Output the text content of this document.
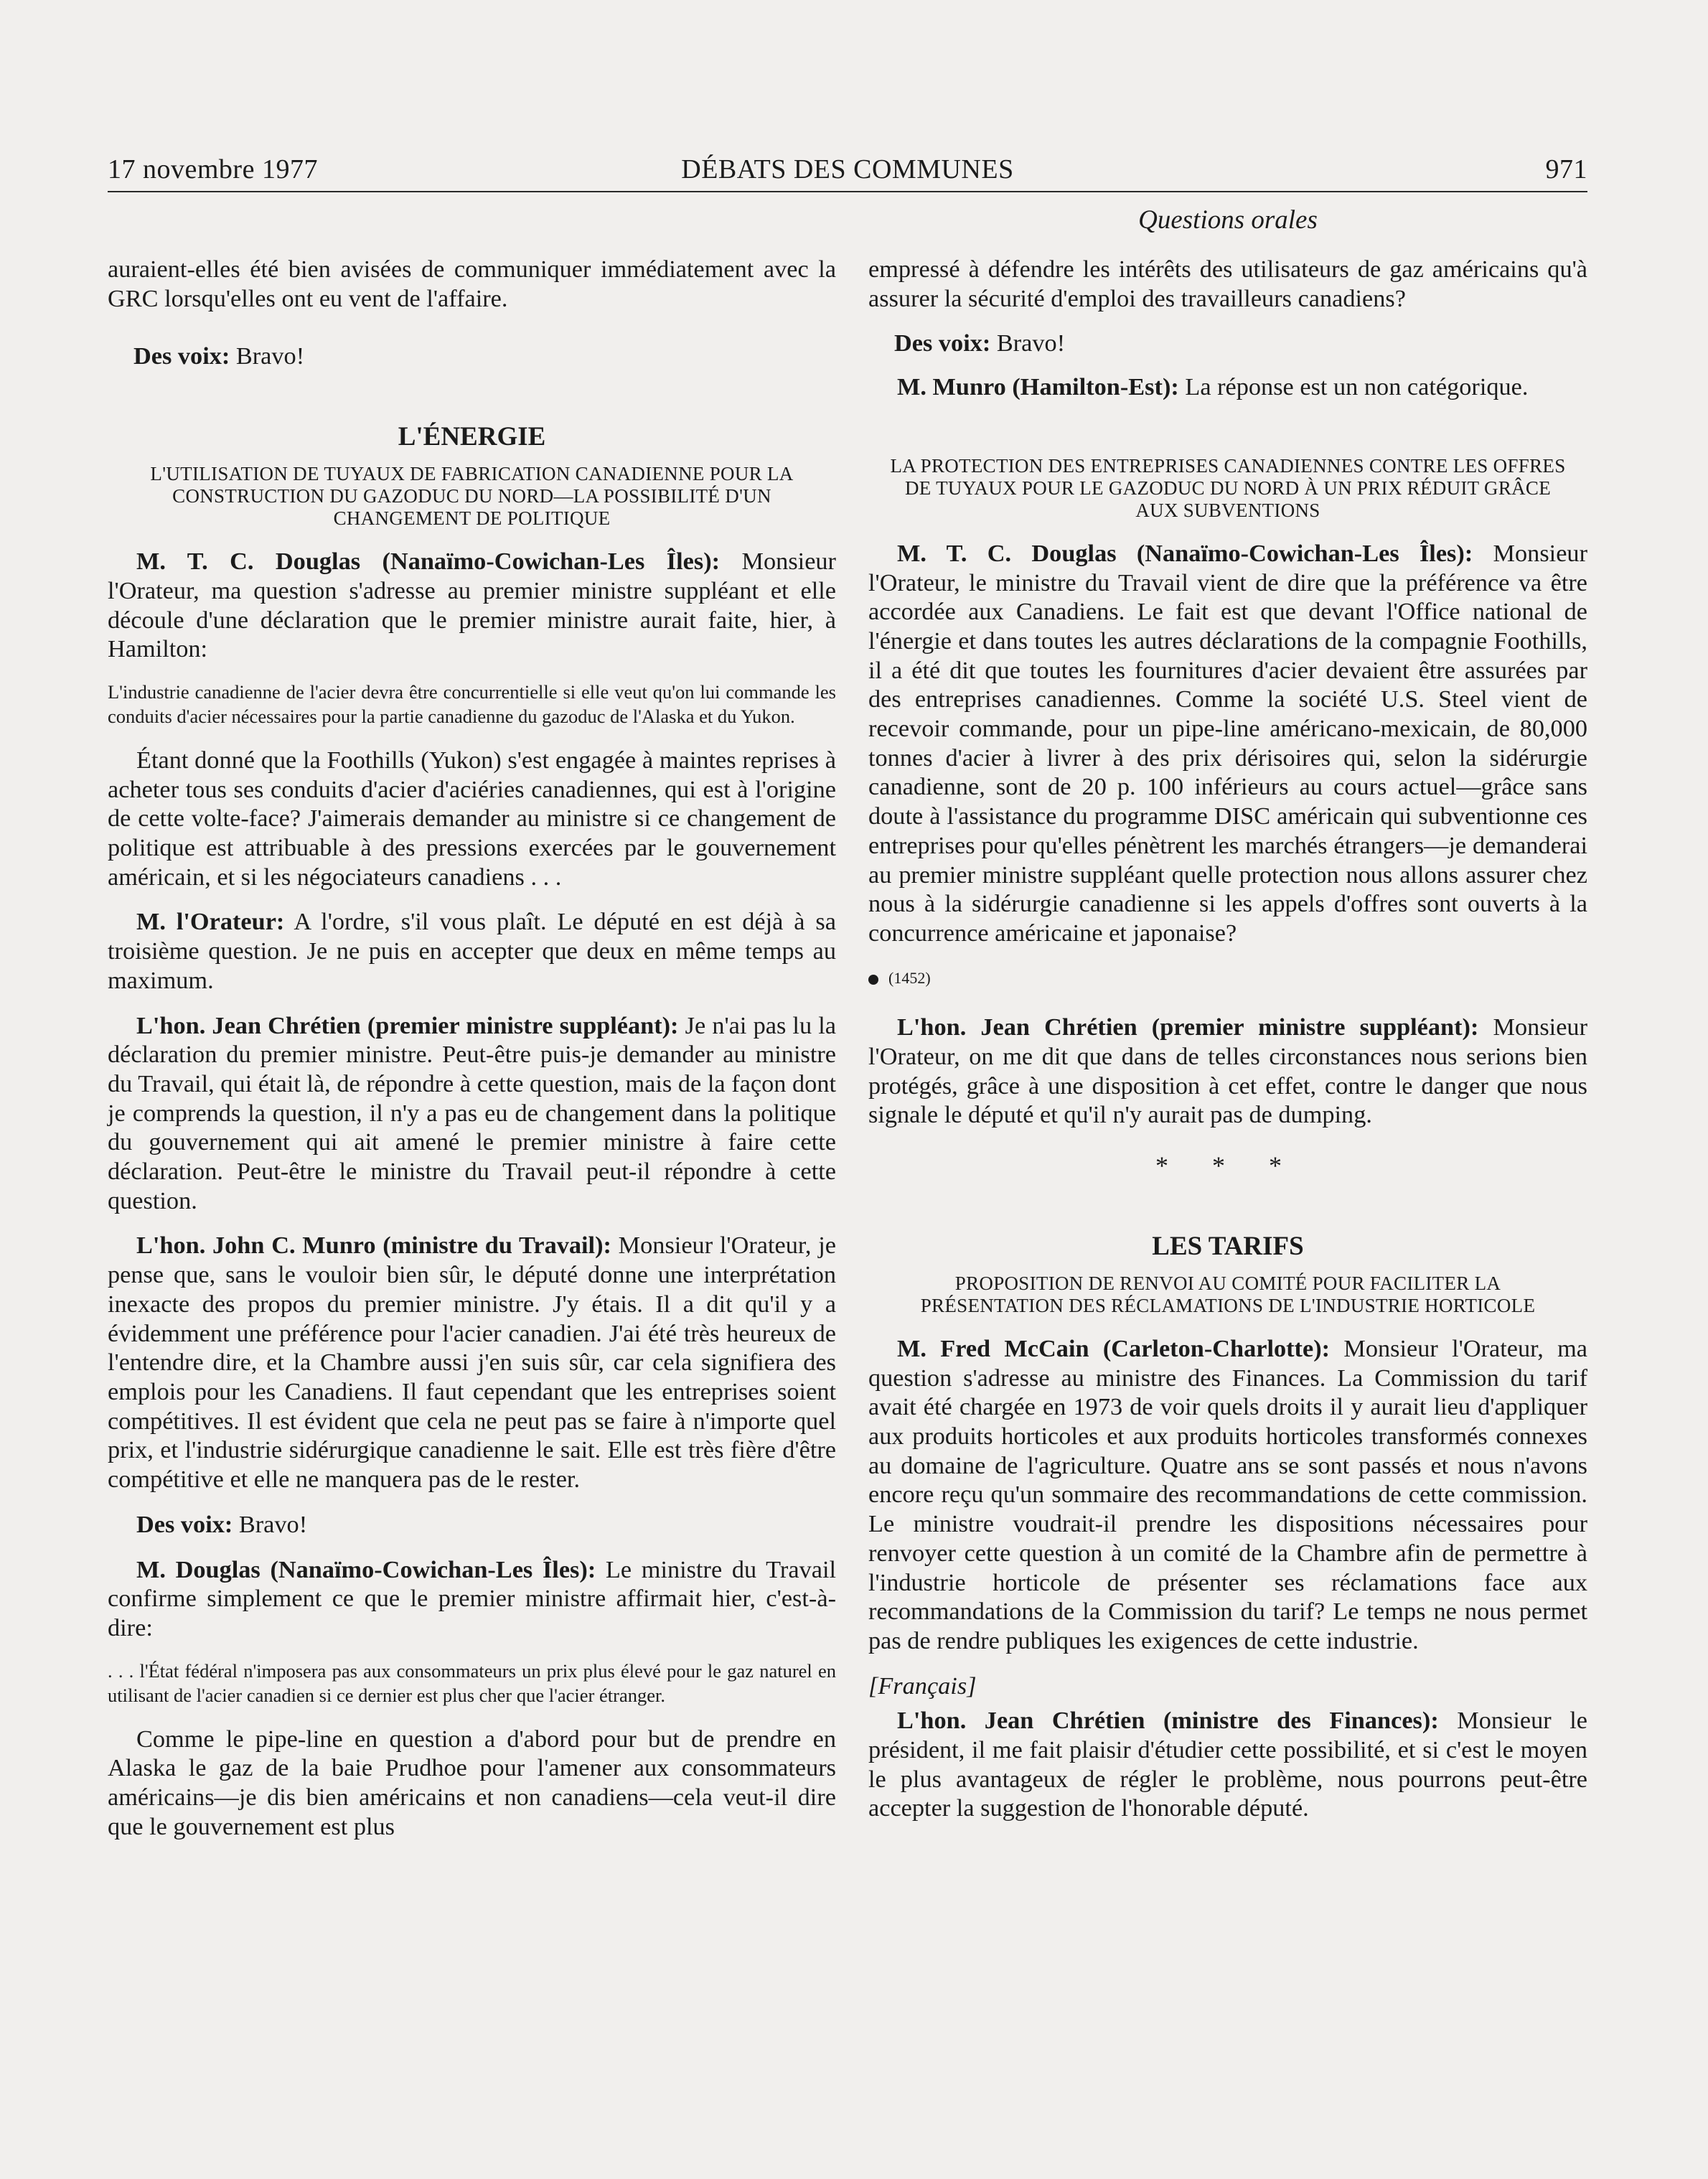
17 novembre 1977	DÉBATS DES COMMUNES	971
Questions orales

auraient-elles été bien avisées de communiquer immédiatement avec la GRC lorsqu'elles ont eu vent de l'affaire.

Des voix: Bravo!

L'ÉNERGIE
L'UTILISATION DE TUYAUX DE FABRICATION CANADIENNE POUR LA CONSTRUCTION DU GAZODUC DU NORD—LA POSSIBILITÉ D'UN CHANGEMENT DE POLITIQUE

M. T. C. Douglas (Nanaïmo-Cowichan-Les Îles): Monsieur l'Orateur, ma question s'adresse au premier ministre suppléant et elle découle d'une déclaration que le premier ministre aurait faite, hier, à Hamilton:

L'industrie canadienne de l'acier devra être concurrentielle si elle veut qu'on lui commande les conduits d'acier nécessaires pour la partie canadienne du gazoduc de l'Alaska et du Yukon.

Étant donné que la Foothills (Yukon) s'est engagée à maintes reprises à acheter tous ses conduits d'acier d'aciéries canadiennes, qui est à l'origine de cette volte-face? J'aimerais demander au ministre si ce changement de politique est attribuable à des pressions exercées par le gouvernement américain, et si les négociateurs canadiens . . .

M. l'Orateur: A l'ordre, s'il vous plaît. Le député en est déjà à sa troisième question. Je ne puis en accepter que deux en même temps au maximum.

L'hon. Jean Chrétien (premier ministre suppléant): Je n'ai pas lu la déclaration du premier ministre. Peut-être puis-je demander au ministre du Travail, qui était là, de répondre à cette question, mais de la façon dont je comprends la question, il n'y a pas eu de changement dans la politique du gouvernement qui ait amené le premier ministre à faire cette déclaration. Peut-être le ministre du Travail peut-il répondre à cette question.

L'hon. John C. Munro (ministre du Travail): Monsieur l'Orateur, je pense que, sans le vouloir bien sûr, le député donne une interprétation inexacte des propos du premier ministre. J'y étais. Il a dit qu'il y a évidemment une préférence pour l'acier canadien. J'ai été très heureux de l'entendre dire, et la Chambre aussi j'en suis sûr, car cela signifiera des emplois pour les Canadiens. Il faut cependant que les entreprises soient compétitives. Il est évident que cela ne peut pas se faire à n'importe quel prix, et l'industrie sidérurgique canadienne le sait. Elle est très fière d'être compétitive et elle ne manquera pas de le rester.

Des voix: Bravo!

M. Douglas (Nanaïmo-Cowichan-Les Îles): Le ministre du Travail confirme simplement ce que le premier ministre affirmait hier, c'est-à-dire:

. . . l'État fédéral n'imposera pas aux consommateurs un prix plus élevé pour le gaz naturel en utilisant de l'acier canadien si ce dernier est plus cher que l'acier étranger.

Comme le pipe-line en question a d'abord pour but de prendre en Alaska le gaz de la baie Prudhoe pour l'amener aux consommateurs américains—je dis bien américains et non canadiens—cela veut-il dire que le gouvernement est plus

empressé à défendre les intérêts des utilisateurs de gaz américains qu'à assurer la sécurité d'emploi des travailleurs canadiens?

Des voix: Bravo!

M. Munro (Hamilton-Est): La réponse est un non catégorique.

LA PROTECTION DES ENTREPRISES CANADIENNES CONTRE LES OFFRES DE TUYAUX POUR LE GAZODUC DU NORD À UN PRIX RÉDUIT GRÂCE AUX SUBVENTIONS

M. T. C. Douglas (Nanaïmo-Cowichan-Les Îles): Monsieur l'Orateur, le ministre du Travail vient de dire que la préférence va être accordée aux Canadiens. Le fait est que devant l'Office national de l'énergie et dans toutes les autres déclarations de la compagnie Foothills, il a été dit que toutes les fournitures d'acier devaient être assurées par des entreprises canadiennes. Comme la société U.S. Steel vient de recevoir commande, pour un pipe-line américano-mexicain, de 80,000 tonnes d'acier à livrer à des prix dérisoires qui, selon la sidérurgie canadienne, sont de 20 p. 100 inférieurs au cours actuel—grâce sans doute à l'assistance du programme DISC américain qui subventionne ces entreprises pour qu'elles pénètrent les marchés étrangers—je demanderai au premier ministre suppléant quelle protection nous allons assurer chez nous à la sidérurgie canadienne si les appels d'offres sont ouverts à la concurrence américaine et japonaise?

(1452)

L'hon. Jean Chrétien (premier ministre suppléant): Monsieur l'Orateur, on me dit que dans de telles circonstances nous serions bien protégés, grâce à une disposition à cet effet, contre le danger que nous signale le député et qu'il n'y aurait pas de dumping.

* * *
LES TARIFS
PROPOSITION DE RENVOI AU COMITÉ POUR FACILITER LA PRÉSENTATION DES RÉCLAMATIONS DE L'INDUSTRIE HORTICOLE

M. Fred McCain (Carleton-Charlotte): Monsieur l'Orateur, ma question s'adresse au ministre des Finances. La Commission du tarif avait été chargée en 1973 de voir quels droits il y aurait lieu d'appliquer aux produits horticoles et aux produits horticoles transformés connexes au domaine de l'agriculture. Quatre ans se sont passés et nous n'avons encore reçu qu'un sommaire des recommandations de cette commission. Le ministre voudrait-il prendre les dispositions nécessaires pour renvoyer cette question à un comité de la Chambre afin de permettre à l'industrie horticole de présenter ses réclamations face aux recommandations de la Commission du tarif? Le temps ne nous permet pas de rendre publiques les exigences de cette industrie.

[Français]

L'hon. Jean Chrétien (ministre des Finances): Monsieur le président, il me fait plaisir d'étudier cette possibilité, et si c'est le moyen le plus avantageux de régler le problème, nous pourrons peut-être accepter la suggestion de l'honorable député.
